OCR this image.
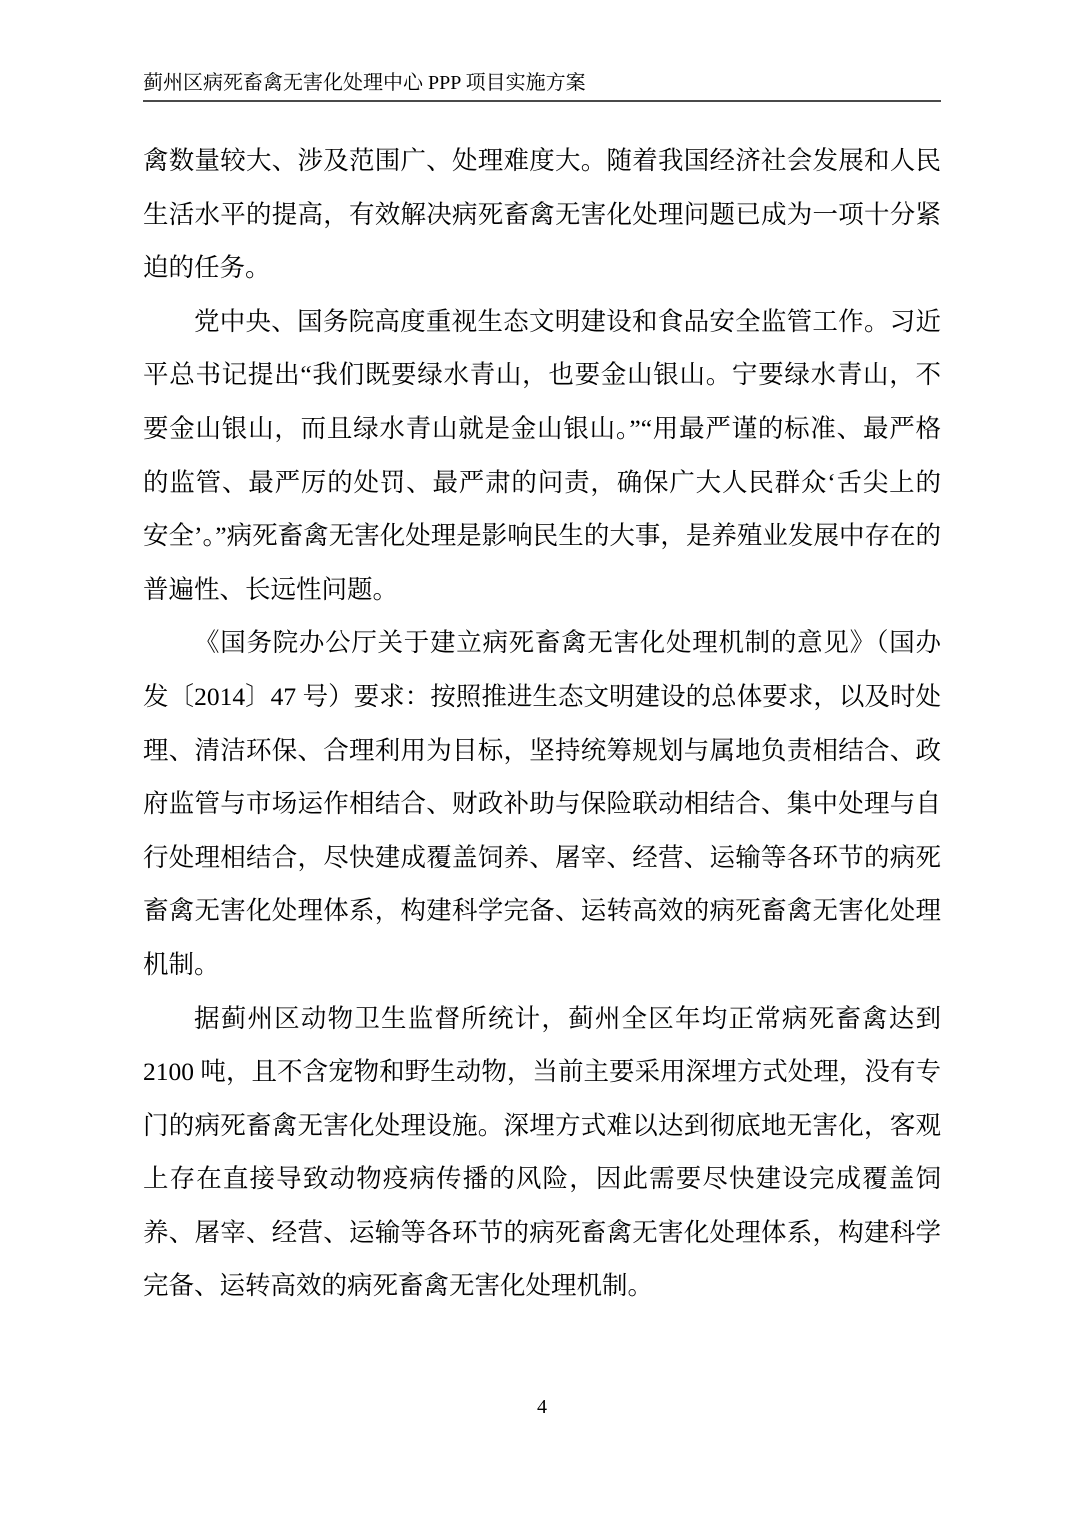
蓟州区病死畜禽无害化处理中心 PPP 项目实施方案

禽数量较大、涉及范围广、处理难度大。随着我国经济社会发展和人民生活水平的提高，有效解决病死畜禽无害化处理问题已成为一项十分紧迫的任务。

党中央、国务院高度重视生态文明建设和食品安全监管工作。习近平总书记提出“我们既要绿水青山，也要金山银山。宁要绿水青山，不要金山银山，而且绿水青山就是金山银山。”“用最严谨的标准、最严格的监管、最严厉的处罚、最严肃的问责，确保广大人民群众‘舌尖上的安全’。”病死畜禽无害化处理是影响民生的大事，是养殖业发展中存在的普遍性、长远性问题。

《国务院办公厅关于建立病死畜禽无害化处理机制的意见》（国办发〔2014〕47 号）要求：按照推进生态文明建设的总体要求，以及时处理、清洁环保、合理利用为目标，坚持统筹规划与属地负责相结合、政府监管与市场运作相结合、财政补助与保险联动相结合、集中处理与自行处理相结合，尽快建成覆盖饲养、屠宰、经营、运输等各环节的病死畜禽无害化处理体系，构建科学完备、运转高效的病死畜禽无害化处理机制。

据蓟州区动物卫生监督所统计，蓟州全区年均正常病死畜禽达到 2100 吨，且不含宠物和野生动物，当前主要采用深埋方式处理，没有专门的病死畜禽无害化处理设施。深埋方式难以达到彻底地无害化，客观上存在直接导致动物疫病传播的风险，因此需要尽快建设完成覆盖饲养、屠宰、经营、运输等各环节的病死畜禽无害化处理体系，构建科学完备、运转高效的病死畜禽无害化处理机制。

4
